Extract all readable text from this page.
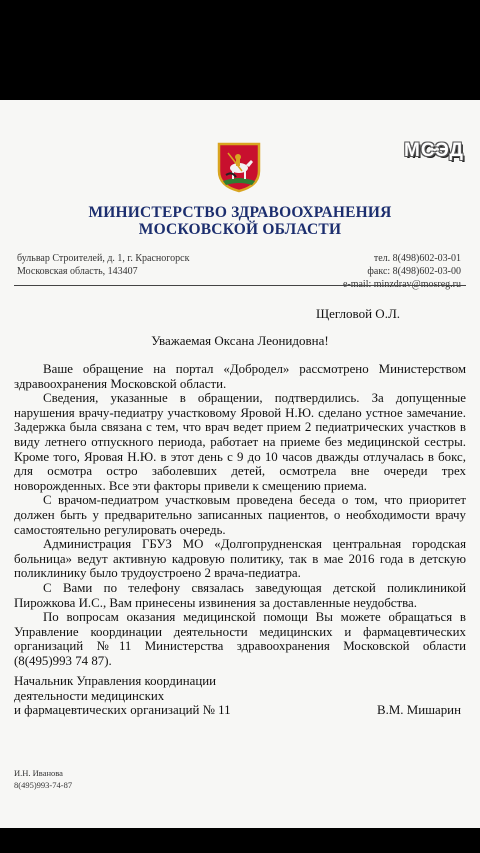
МСЭД
МИНИСТЕРСТВО ЗДРАВООХРАНЕНИЯ
МОСКОВСКОЙ ОБЛАСТИ
бульвар Строителей, д. 1, г. Красногорск
Московская область, 143407
тел. 8(498)602-03-01
факс: 8(498)602-03-00
e-mail: minzdrav@mosreg.ru
Щегловой О.Л.
Уважаемая Оксана Леонидовна!

Ваше обращение на портал «Добродел» рассмотрено Министерством здравоохранения Московской области.

Сведения, указанные в обращении, подтвердились. За допущенные нарушения врачу-педиатру участковому Яровой Н.Ю. сделано устное замечание. Задержка была связана с тем, что врач ведет прием 2 педиатрических участков в виду летнего отпускного периода, работает на приеме без медицинской сестры. Кроме того, Яровая Н.Ю. в этот день с 9 до 10 часов дважды отлучалась в бокс, для осмотра остро заболевших детей, осмотрела вне очереди трех новорожденных. Все эти факторы привели к смещению приема.

С врачом-педиатром участковым проведена беседа о том, что приоритет должен быть у предварительно записанных пациентов, о необходимости врачу самостоятельно регулировать очередь.

Администрация ГБУЗ МО «Долгопрудненская центральная городская больница» ведут активную кадровую политику, так в мае 2016 года в детскую поликлинику было трудоустроено 2 врача-педиатра.

С Вами по телефону связалась заведующая детской поликлиникой Пирожкова И.С., Вам принесены извинения за доставленные неудобства.

По вопросам оказания медицинской помощи Вы можете обращаться в Управление координации деятельности медицинских и фармацевтических организаций №11 Министерства здравоохранения Московской области (8(495)993 74 87).

Начальник Управления координации
деятельности медицинских
и фармацевтических организаций № 11	В.М. Мишарин
И.Н. Иванова
8(495)993-74-87
